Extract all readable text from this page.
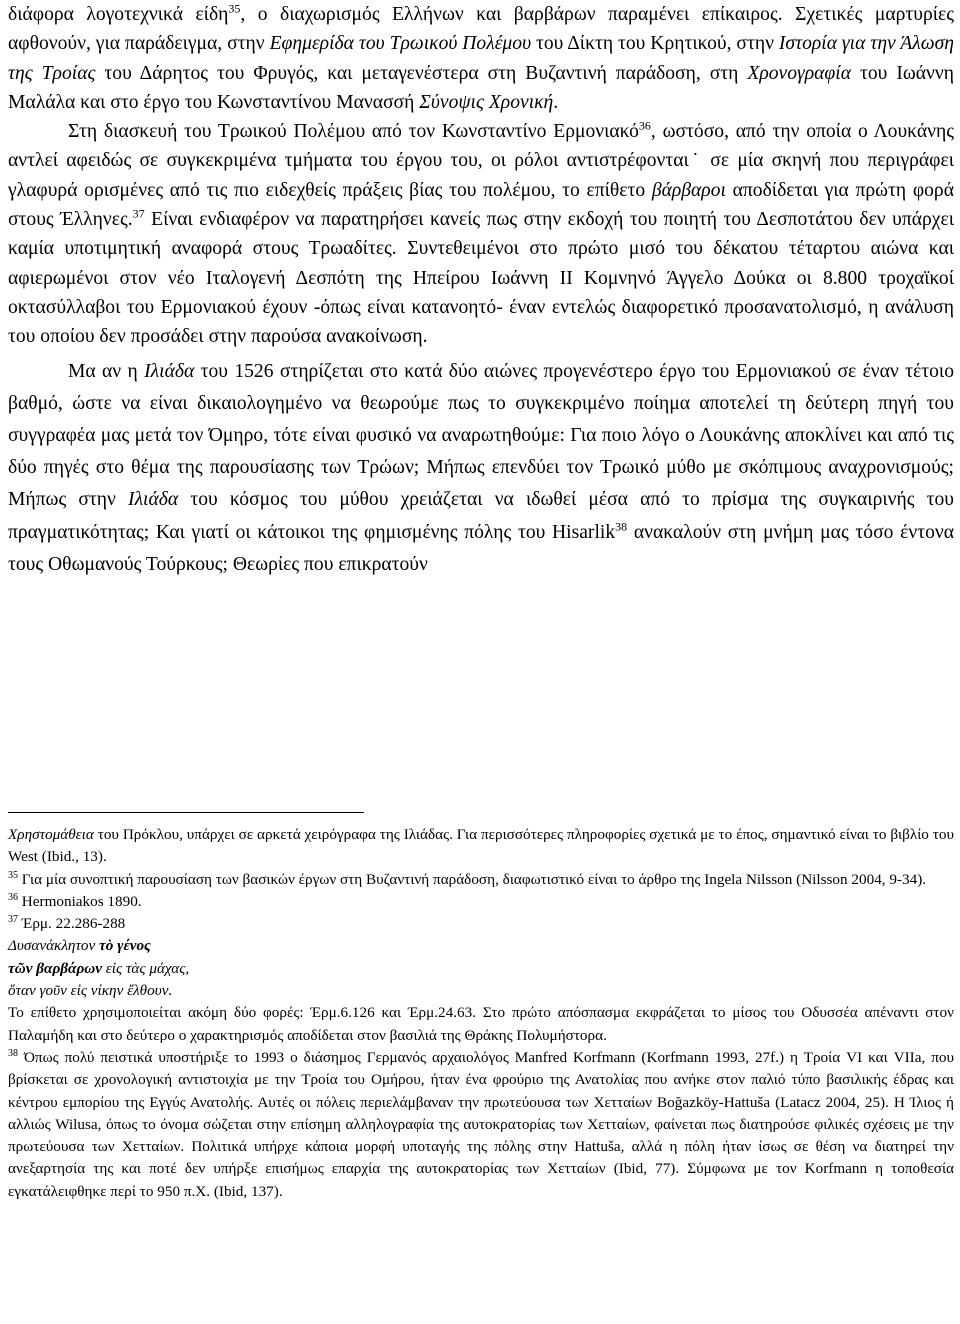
διάφορα λογοτεχνικά είδη$^{35}$, ο διαχωρισμός Ελλήνων και βαρβάρων παραμένει επίκαιρος. Σχετικές μαρτυρίες αφθονούν, για παράδειγμα, στην Εφημερίδα του Τρωικού Πολέμου του Δίκτη του Κρητικού, στην Ιστορία για την Άλωση της Τροίας του Δάρητος του Φρυγός, και μεταγενέστερα στη Βυζαντινή παράδοση, στη Χρονογραφία του Ιωάννη Μαλάλα και στο έργο του Κωνσταντίνου Μανασσή Σύνοψις Χρονική.

Στη διασκευή του Τρωικού Πολέμου από τον Κωνσταντίνο Ερμονιακό$^{36}$, ωστόσο, από την οποία ο Λουκάνης αντλεί αφειδώς σε συγκεκριμένα τμήματα του έργου του, οι ρόλοι αντιστρέφονται˙ σε μία σκηνή που περιγράφει γλαφυρά ορισμένες από τις πιο ειδεχθείς πράξεις βίας του πολέμου, το επίθετο βάρβαροι αποδίδεται για πρώτη φορά στους Έλληνες.$^{37}$ Είναι ενδιαφέρον να παρατηρήσει κανείς πως στην εκδοχή του ποιητή του Δεσποτάτου δεν υπάρχει καμία υποτιμητική αναφορά στους Τρωαδίτες. Συντεθειμένοι στο πρώτο μισό του δέκατου τέταρτου αιώνα και αφιερωμένοι στον νέο Ιταλογενή Δεσπότη της Ηπείρου Ιωάννη ΙΙ Κομνηνό Άγγελο Δούκα οι 8.800 τροχαϊκοί οκτασύλλαβοι του Ερμονιακού έχουν -όπως είναι κατανοητό- έναν εντελώς διαφορετικό προσανατολισμό, η ανάλυση του οποίου δεν προσάδει στην παρούσα ανακοίνωση.

Μα αν η Ιλιάδα του 1526 στηρίζεται στο κατά δύο αιώνες προγενέστερο έργο του Ερμονιακού σε έναν τέτοιο βαθμό, ώστε να είναι δικαιολογημένο να θεωρούμε πως το συγκεκριμένο ποίημα αποτελεί τη δεύτερη πηγή του συγγραφέα μας μετά τον Όμηρο, τότε είναι φυσικό να αναρωτηθούμε: Για ποιο λόγο ο Λουκάνης αποκλίνει και από τις δύο πηγές στο θέμα της παρουσίασης των Τρώων; Μήπως επενδύει τον Τρωικό μύθο με σκόπιμους αναχρονισμούς; Μήπως στην Ιλιάδα του κόσμος του μύθου χρειάζεται να ιδωθεί μέσα από το πρίσμα της συγκαιρινής του πραγματικότητας; Και γιατί οι κάτοικοι της φημισμένης πόλης του Hisarlik$^{38}$ ανακαλούν στη μνήμη μας τόσο έντονα τους Οθωμανούς Τούρκους; Θεωρίες που επικρατούν

Χρηστομάθεια του Πρόκλου, υπάρχει σε αρκετά χειρόγραφα της Ιλιάδας. Για περισσότερες πληροφορίες σχετικά με το έπος, σημαντικό είναι το βιβλίο του West (Ibid., 13).

$^{35}$ Για μία συνοπτική παρουσίαση των βασικών έργων στη Βυζαντινή παράδοση, διαφωτιστικό είναι το άρθρο της Ingela Nilsson (Nilsson 2004, 9-34).

$^{36}$ Hermoniakos 1890.

$^{37}$ Έρμ. 22.286-288

Δυσανάκλητον τὸ γένος

τῶν βαρβάρων εἰς τὰς μάχας,

ὅταν γοῦν εἰς νίκην ἔλθουν.

Το επίθετο χρησιμοποιείται ακόμη δύο φορές: Έρμ.6.126 και Έρμ.24.63. Στο πρώτο απόσπασμα εκφράζεται το μίσος του Οδυσσέα απέναντι στον Παλαμήδη και στο δεύτερο ο χαρακτηρισμός αποδίδεται στον βασιλιά της Θράκης Πολυμήστορα.

$^{38}$ Όπως πολύ πειστικά υποστήριξε το 1993 ο διάσημος Γερμανός αρχαιολόγος Manfred Korfmann (Korfmann 1993, 27f.) η Τροία VI και VIIa, που βρίσκεται σε χρονολογική αντιστοιχία με την Τροία του Ομήρου, ήταν ένα φρούριο της Ανατολίας που ανήκε στον παλιό τύπο βασιλικής έδρας και κέντρου εμπορίου της Εγγύς Ανατολής. Αυτές οι πόλεις περιελάμβαναν την πρωτεύουσα των Χετταίων Boğazköy-Hattuša (Latacz 2004, 25). Η Ίλιος ή αλλιώς Wilusa, όπως το όνομα σώζεται στην επίσημη αλληλογραφία της αυτοκρατορίας των Χετταίων, φαίνεται πως διατηρούσε φιλικές σχέσεις με την πρωτεύουσα των Χετταίων. Πολιτικά υπήρχε κάποια μορφή υποταγής της πόλης στην Hattuša, αλλά η πόλη ήταν ίσως σε θέση να διατηρεί την ανεξαρτησία της και ποτέ δεν υπήρξε επισήμως επαρχία της αυτοκρατορίας των Χετταίων (Ibid, 77). Σύμφωνα με τον Korfmann η τοποθεσία εγκατάλειφθηκε περί το 950 π.Χ. (Ibid, 137).
